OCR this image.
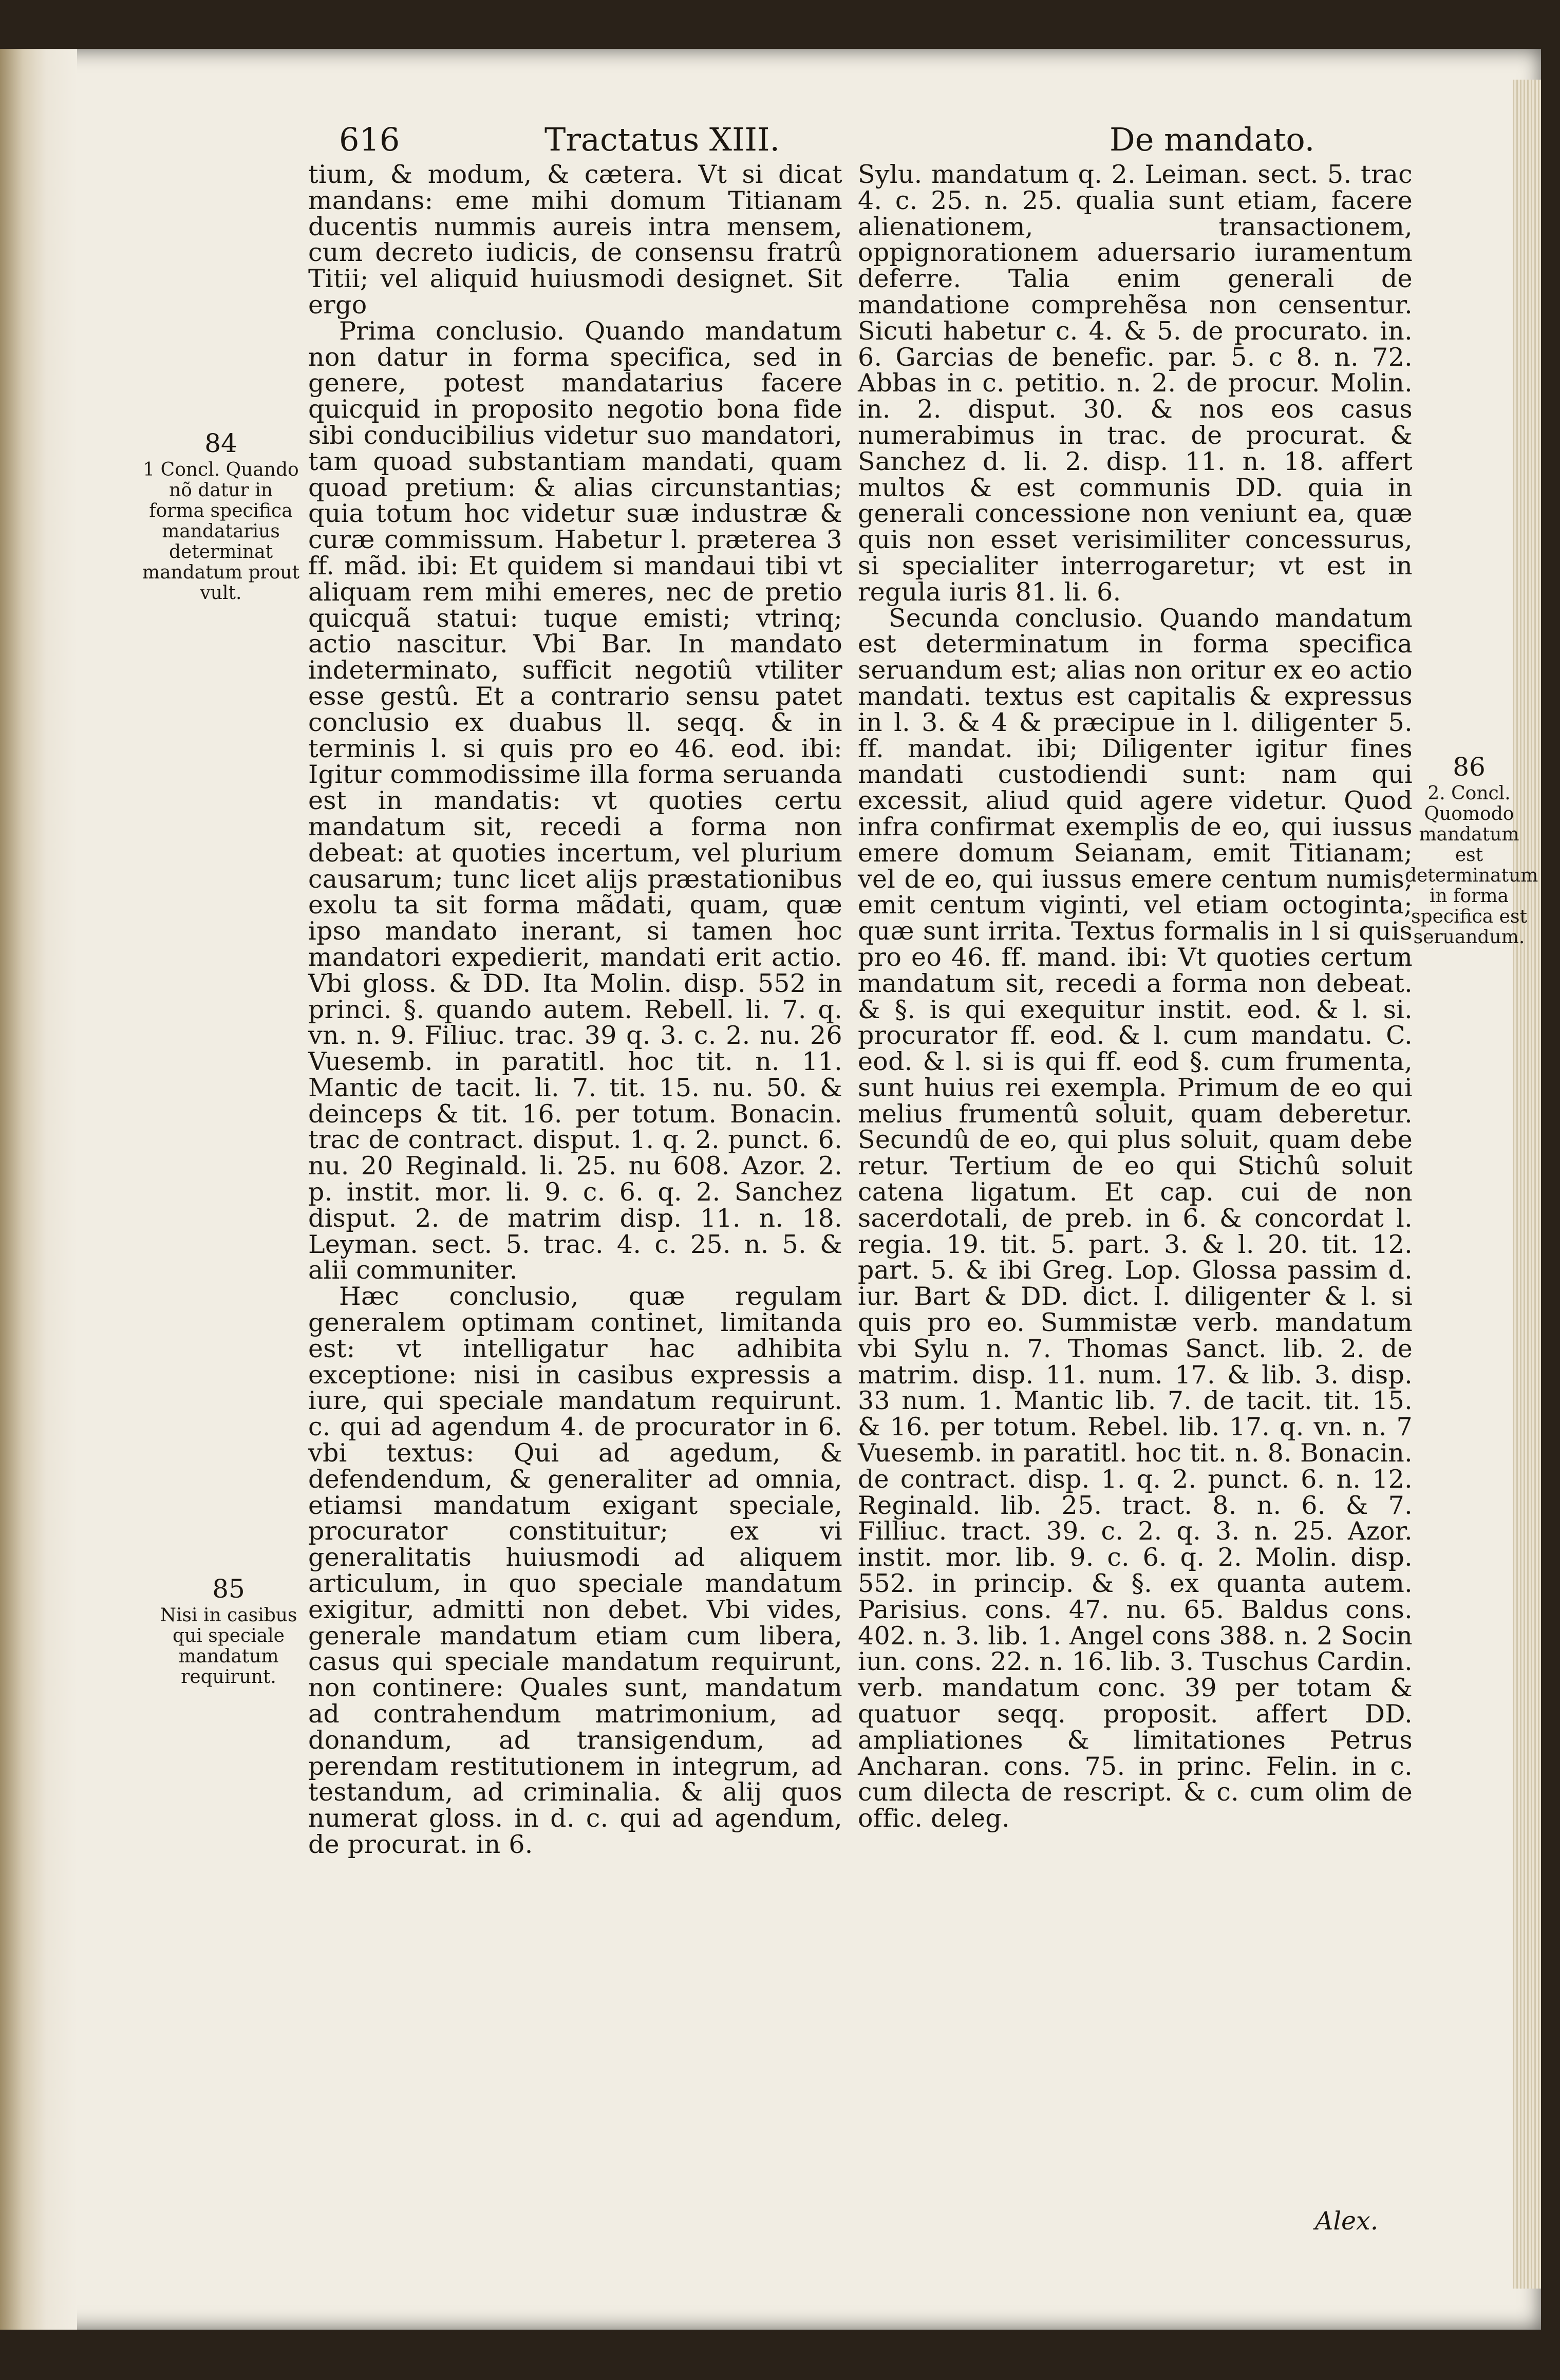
616	Tractatus XIII.	De mandato.
84
1 Concl. Quando nõ datur in forma specifica mandatarius determinat mandatum prout vult.
85
Nisi in casibus qui speciale mandatum requirunt.
86
2. Concl. Quomodo mandatum est determinatum in forma specifica est seruandum.

tium, & modum, & cætera. Vt si dicat mandans: eme mihi domum Titianam ducentis nummis aureis intra mensem, cum decreto iudicis, de consensu fratrû Titii; vel aliquid huiusmodi designet. Sit ergo

Prima conclusio. Quando mandatum non datur in forma specifica, sed in genere, potest mandatarius facere quicquid in proposito negotio bona fide sibi conducibilius videtur suo mandatori, tam quoad substantiam mandati, quam quoad pretium: & alias circunstantias; quia totum hoc videtur suæ industræ & curæ commissum. Habetur l. præterea 3 ff. mãd. ibi: Et quidem si mandaui tibi vt aliquam rem mihi emeres, nec de pretio quicquã statui: tuque emisti; vtrinq; actio nascitur. Vbi Bar. In mandato indeterminato, sufficit negotiû vtiliter esse gestû. Et a contrario sensu patet conclusio ex duabus ll. seqq. & in terminis l. si quis pro eo 46. eod. ibi: Igitur commodissime illa forma seruanda est in mandatis: vt quoties certu mandatum sit, recedi a forma non debeat: at quoties incertum, vel plurium causarum; tunc licet alijs præstationibus exolu ta sit forma mãdati, quam, quæ ipso mandato inerant, si tamen hoc mandatori expedierit, mandati erit actio. Vbi gloss. & DD. Ita Molin. disp. 552 in princi. §. quando autem. Rebell. li. 7. q. vn. n. 9. Filiuc. trac. 39 q. 3. c. 2. nu. 26 Vuesemb. in paratitl. hoc tit. n. 11. Mantic de tacit. li. 7. tit. 15. nu. 50. & deinceps & tit. 16. per totum. Bonacin. trac de contract. disput. 1. q. 2. punct. 6. nu. 20 Reginald. li. 25. nu 608. Azor. 2. p. instit. mor. li. 9. c. 6. q. 2. Sanchez disput. 2. de matrim disp. 11. n. 18. Leyman. sect. 5. trac. 4. c. 25. n. 5. & alii communiter.

Hæc conclusio, quæ regulam generalem optimam continet, limitanda est: vt intelligatur hac adhibita exceptione: nisi in casibus expressis a iure, qui speciale mandatum requirunt. c. qui ad agendum 4. de procurator in 6. vbi textus: Qui ad agedum, & defendendum, & generaliter ad omnia, etiamsi mandatum exigant speciale, procurator constituitur; ex vi generalitatis huiusmodi ad aliquem articulum, in quo speciale mandatum exigitur, admitti non debet. Vbi vides, generale mandatum etiam cum libera, casus qui speciale mandatum requirunt, non continere: Quales sunt, mandatum ad contrahendum matrimonium, ad donandum, ad transigendum, ad perendam restitutionem in integrum, ad testandum, ad criminalia. & alij quos numerat gloss. in d. c. qui ad agendum, de procurat. in 6.

Sylu. mandatum q. 2. Leiman. sect. 5. trac 4. c. 25. n. 25. qualia sunt etiam, facere alienationem, transactionem, oppignorationem aduersario iuramentum deferre. Talia enim generali de mandatione comprehẽsa non censentur. Sicuti habetur c. 4. & 5. de procurato. in. 6. Garcias de benefic. par. 5. c 8. n. 72. Abbas in c. petitio. n. 2. de procur. Molin. in. 2. disput. 30. & nos eos casus numerabimus in trac. de procurat. & Sanchez d. li. 2. disp. 11. n. 18. affert multos & est communis DD. quia in generali concessione non veniunt ea, quæ quis non esset verisimiliter concessurus, si specialiter interrogaretur; vt est in regula iuris 81. li. 6.

Secunda conclusio. Quando mandatum est determinatum in forma specifica seruandum est; alias non oritur ex eo actio mandati. textus est capitalis & expressus in l. 3. & 4 & præcipue in l. diligenter 5. ff. mandat. ibi; Diligenter igitur fines mandati custodiendi sunt: nam qui excessit, aliud quid agere videtur. Quod infra confirmat exemplis de eo, qui iussus emere domum Seianam, emit Titianam; vel de eo, qui iussus emere centum numis, emit centum viginti, vel etiam octoginta; quæ sunt irrita. Textus formalis in l si quis pro eo 46. ff. mand. ibi: Vt quoties certum mandatum sit, recedi a forma non debeat. & §. is qui exequitur instit. eod. & l. si. procurator ff. eod. & l. cum mandatu. C. eod. & l. si is qui ff. eod §. cum frumenta, sunt huius rei exempla. Primum de eo qui melius frumentû soluit, quam deberetur. Secundû de eo, qui plus soluit, quam debe retur. Tertium de eo qui Stichû soluit catena ligatum. Et cap. cui de non sacerdotali, de preb. in 6. & concordat l. regia. 19. tit. 5. part. 3. & l. 20. tit. 12. part. 5. & ibi Greg. Lop. Glossa passim d. iur. Bart & DD. dict. l. diligenter & l. si quis pro eo. Summistæ verb. mandatum vbi Sylu n. 7. Thomas Sanct. lib. 2. de matrim. disp. 11. num. 17. & lib. 3. disp. 33 num. 1. Mantic lib. 7. de tacit. tit. 15. & 16. per totum. Rebel. lib. 17. q. vn. n. 7 Vuesemb. in paratitl. hoc tit. n. 8. Bonacin. de contract. disp. 1. q. 2. punct. 6. n. 12. Reginald. lib. 25. tract. 8. n. 6. & 7. Filliuc. tract. 39. c. 2. q. 3. n. 25. Azor. instit. mor. lib. 9. c. 6. q. 2. Molin. disp. 552. in princip. & §. ex quanta autem. Parisius. cons. 47. nu. 65. Baldus cons. 402. n. 3. lib. 1. Angel cons 388. n. 2 Socin iun. cons. 22. n. 16. lib. 3. Tuschus Cardin. verb. mandatum conc. 39 per totam & quatuor seqq. proposit. affert DD. ampliationes & limitationes Petrus Ancharan. cons. 75. in princ. Felin. in c. cum dilecta de rescript. & c. cum olim de offic. deleg.

Alex.
